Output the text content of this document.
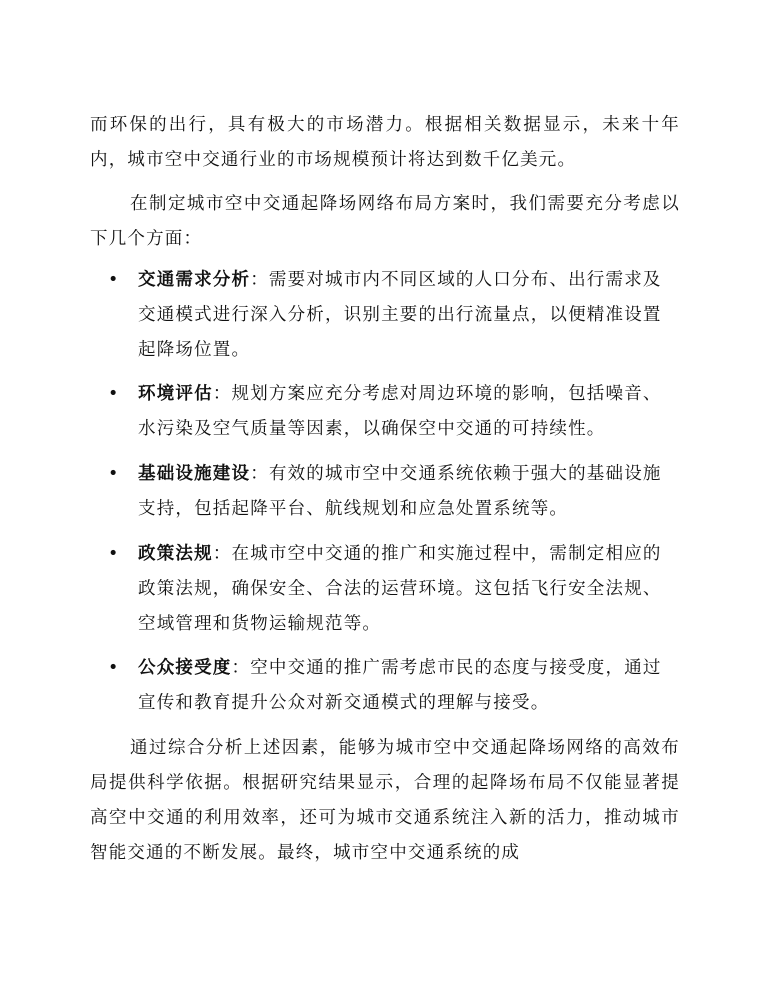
而环保的出行，具有极大的市场潜力。根据相关数据显示，未来十年内，城市空中交通行业的市场规模预计将达到数千亿美元。

在制定城市空中交通起降场网络布局方案时，我们需要充分考虑以下几个方面：

•	交通需求分析：需要对城市内不同区域的人口分布、出行需求及交通模式进行深入分析，识别主要的出行流量点，以便精准设置起降场位置。
•	环境评估：规划方案应充分考虑对周边环境的影响，包括噪音、水污染及空气质量等因素，以确保空中交通的可持续性。
•	基础设施建设：有效的城市空中交通系统依赖于强大的基础设施支持，包括起降平台、航线规划和应急处置系统等。
•	政策法规：在城市空中交通的推广和实施过程中，需制定相应的政策法规，确保安全、合法的运营环境。这包括飞行安全法规、空域管理和货物运输规范等。
•	公众接受度：空中交通的推广需考虑市民的态度与接受度，通过宣传和教育提升公众对新交通模式的理解与接受。

通过综合分析上述因素，能够为城市空中交通起降场网络的高效布局提供科学依据。根据研究结果显示，合理的起降场布局不仅能显著提高空中交通的利用效率，还可为城市交通系统注入新的活力，推动城市智能交通的不断发展。最终，城市空中交通系统的成
